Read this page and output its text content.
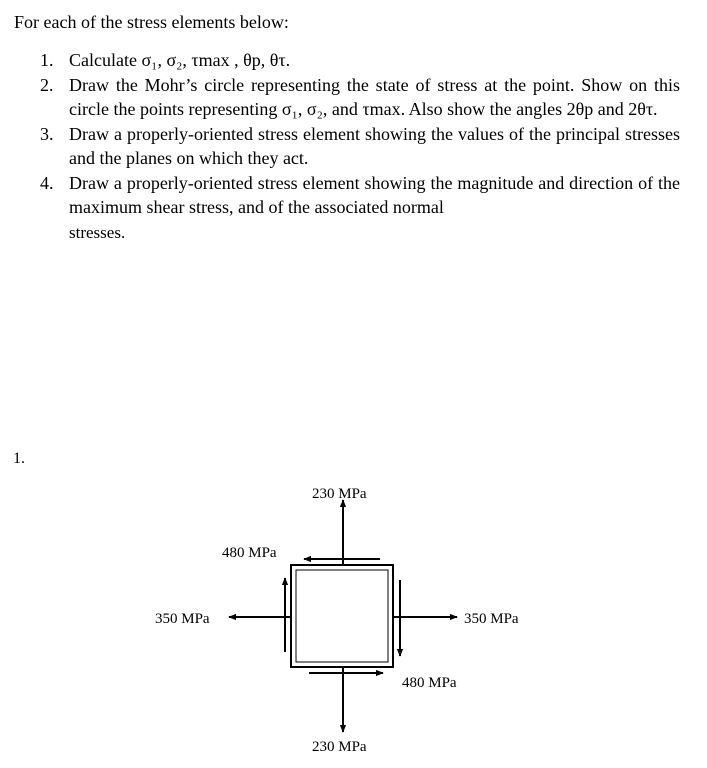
For each of the stress elements below:
1. Calculate σ₁, σ₂, τmax , θp, θτ.
2. Draw the Mohr’s circle representing the state of stress at the point. Show on this circle the points representing σ₁, σ₂, and τmax. Also show the angles 2θp and 2θτ.
3. Draw a properly-oriented stress element showing the values of the principal stresses and the planes on which they act.
4. Draw a properly-oriented stress element showing the magnitude and direction of the maximum shear stress, and of the associated normal
stresses.
1.
230 MPa
230 MPa
350 MPa	350 MPa
480 MPa
480 MPa
